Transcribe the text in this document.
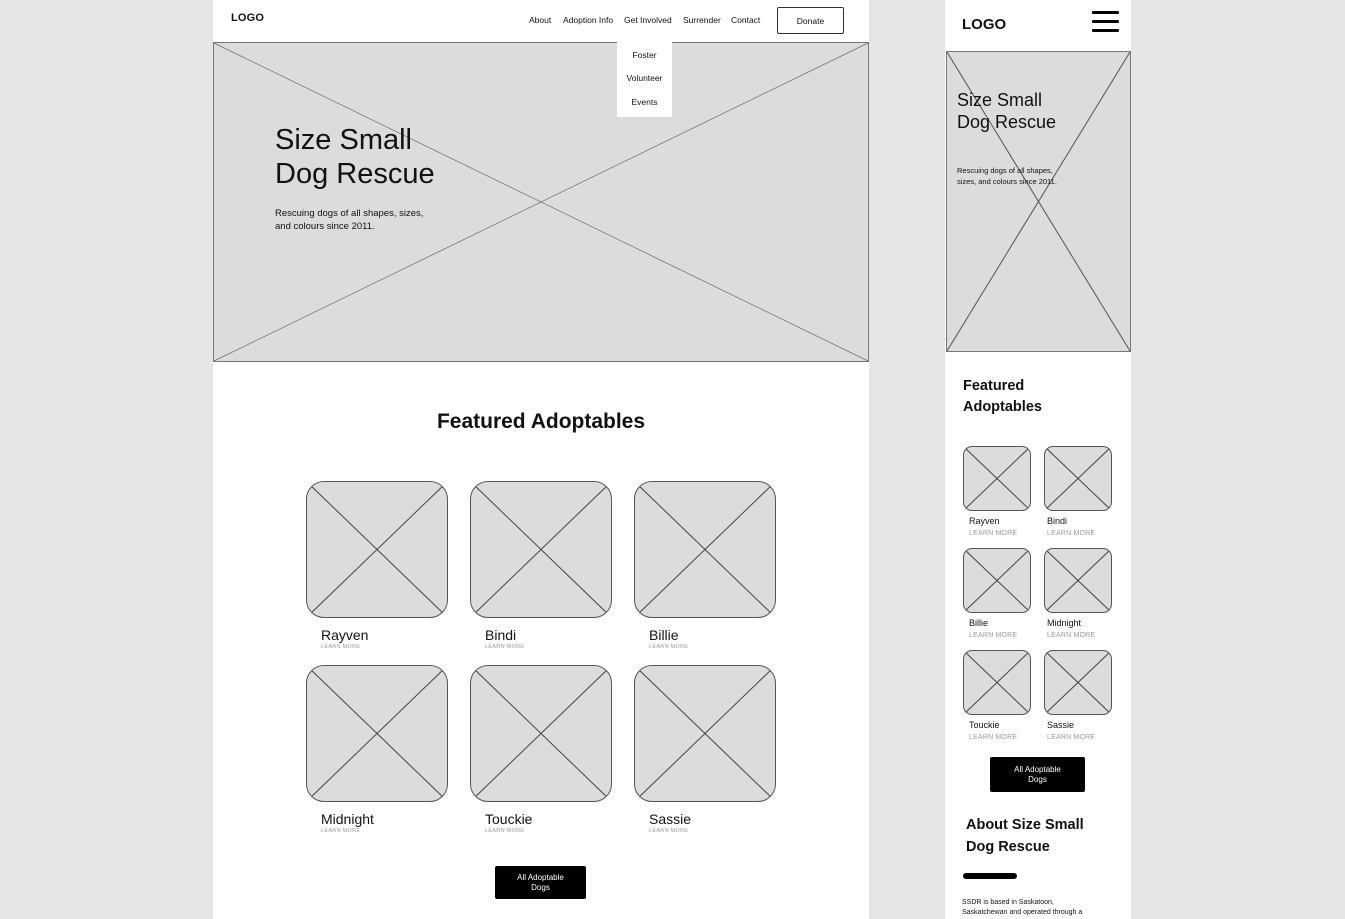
LOGO	About Adoption Info Get Involved Surrender Contact	Donate
Size Small
Dog Rescue
Rescuing dogs of all shapes, sizes,
and colours since 2011.
Foster
Volunteer
Events
Featured Adoptables
Rayven
LEARN MORE
Bindi
LEARN MORE
Billie
LEARN MORE
Midnight
LEARN MORE
Touckie
LEARN MORE
Sassie
LEARN MORE
All Adoptable
Dogs
LOGO
Size Small
Dog Rescue
Rescuing dogs of all shapes,
sizes, and colours since 2011.
Featured
Adoptables
Rayven
LEARN MORE
Bindi
LEARN MORE
Billie
LEARN MORE
Midnight
LEARN MORE
Touckie
LEARN MORE
Sassie
LEARN MORE
All Adoptable
Dogs
About Size Small
Dog Rescue
SSDR is based in Saskatoon,
Saskatchewan and operated through a
